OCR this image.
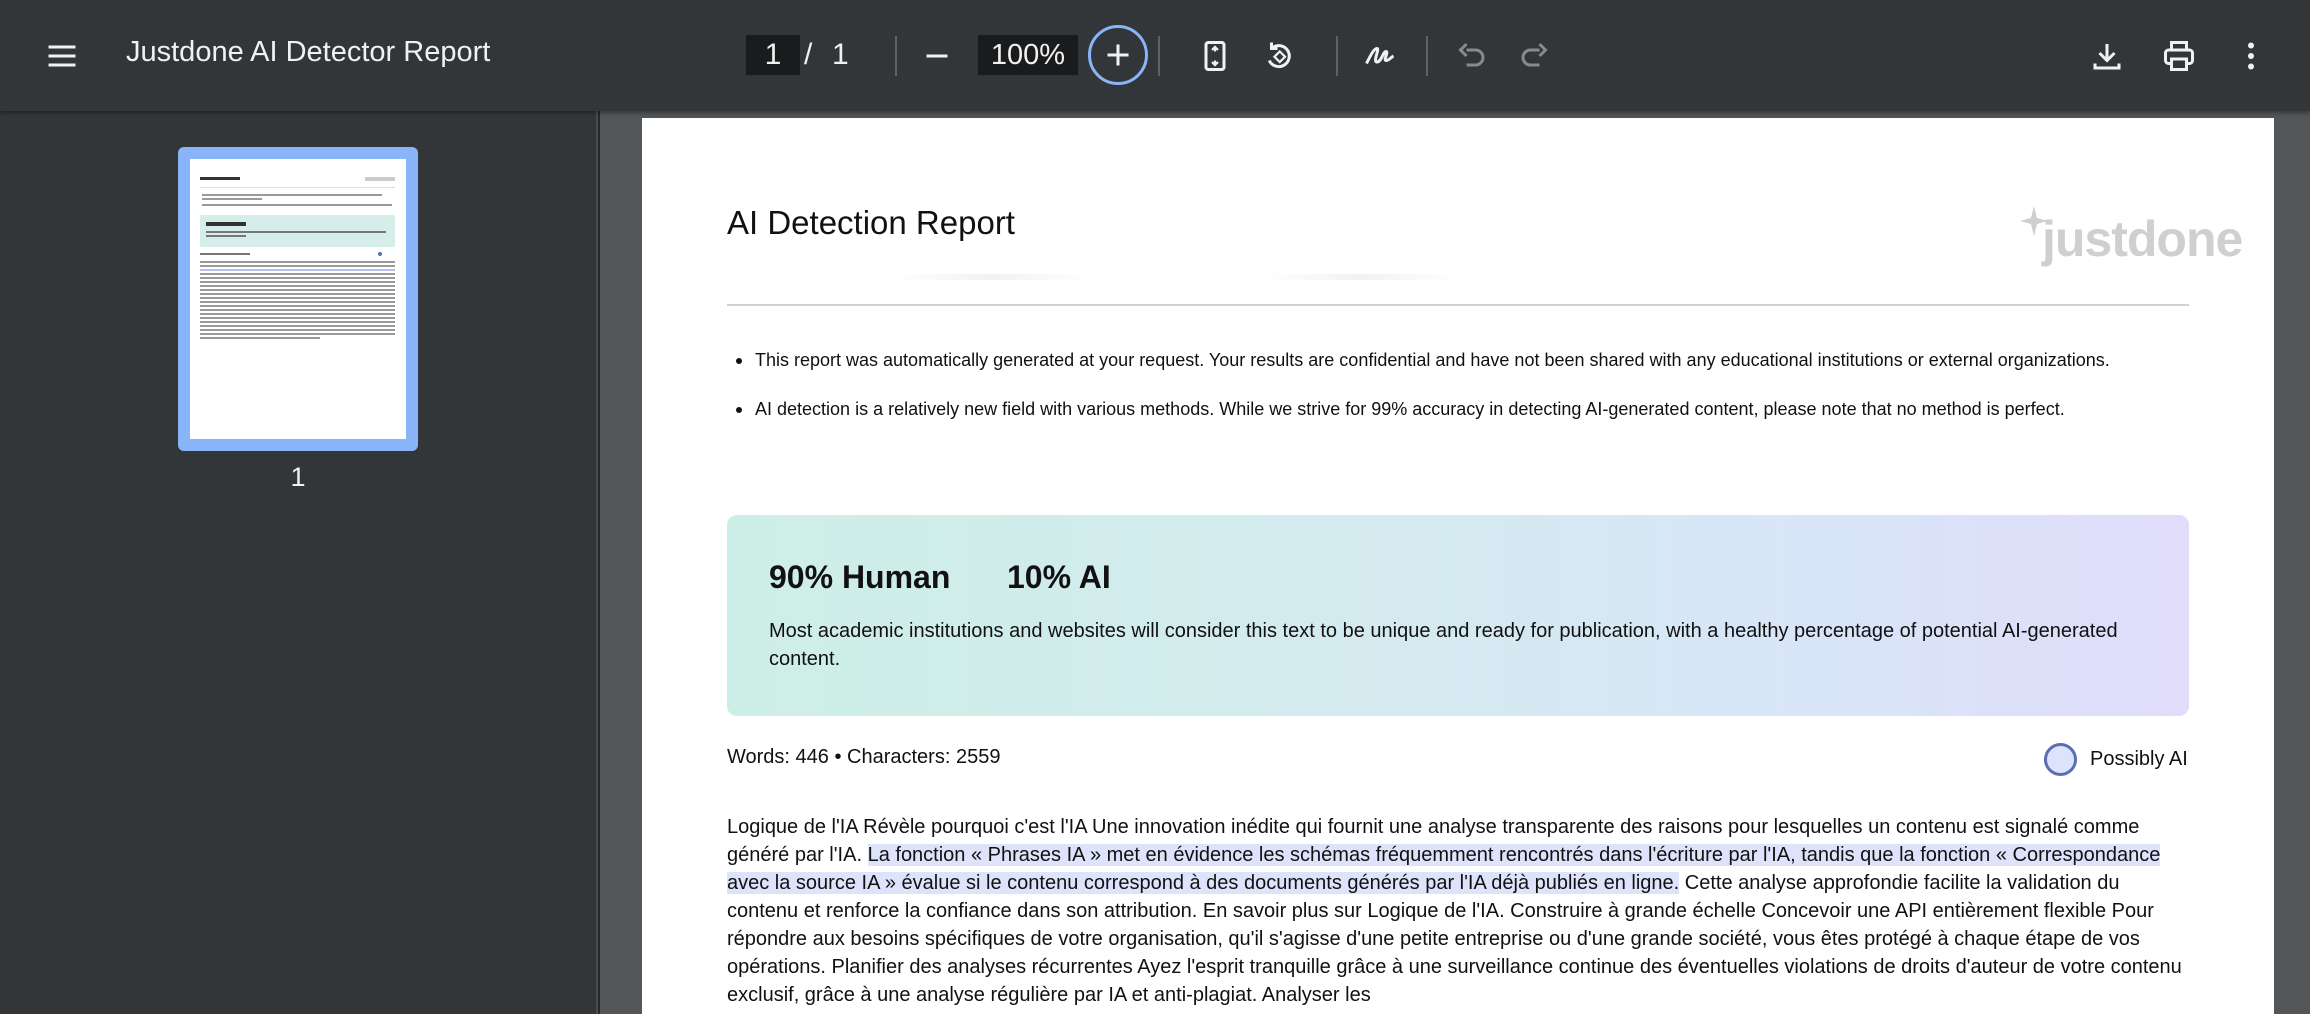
Justdone AI Detector Report	1 / 1	100%
1
AI Detection Report	justdone
This report was automatically generated at your request. Your results are confidential and have not been shared with any educational institutions or external organizations.
AI detection is a relatively new field with various methods. While we strive for 99% accuracy in detecting AI-generated content, please note that no method is perfect.
90% Human 10% AI
Most academic institutions and websites will consider this text to be unique and ready for publication, with a healthy percentage of potential AI-generated content.
Words: 446 • Characters: 2559	Possibly AI
Logique de l'IA Révèle pourquoi c'est l'IA Une innovation inédite qui fournit une analyse transparente des raisons pour lesquelles un contenu est signalé comme généré par l'IA. La fonction « Phrases IA » met en évidence les schémas fréquemment rencontrés dans l'écriture par l'IA, tandis que la fonction « Correspondance avec la source IA » évalue si le contenu correspond à des documents générés par l'IA déjà publiés en ligne. Cette analyse approfondie facilite la validation du contenu et renforce la confiance dans son attribution. En savoir plus sur Logique de l'IA. Construire à grande échelle Concevoir une API entièrement flexible Pour répondre aux besoins spécifiques de votre organisation, qu'il s'agisse d'une petite entreprise ou d'une grande société, vous êtes protégé à chaque étape de vos opérations. Planifier des analyses récurrentes Ayez l'esprit tranquille grâce à une surveillance continue des éventuelles violations de droits d'auteur de votre contenu exclusif, grâce à une analyse régulière par IA et anti-plagiat. Analyser les
